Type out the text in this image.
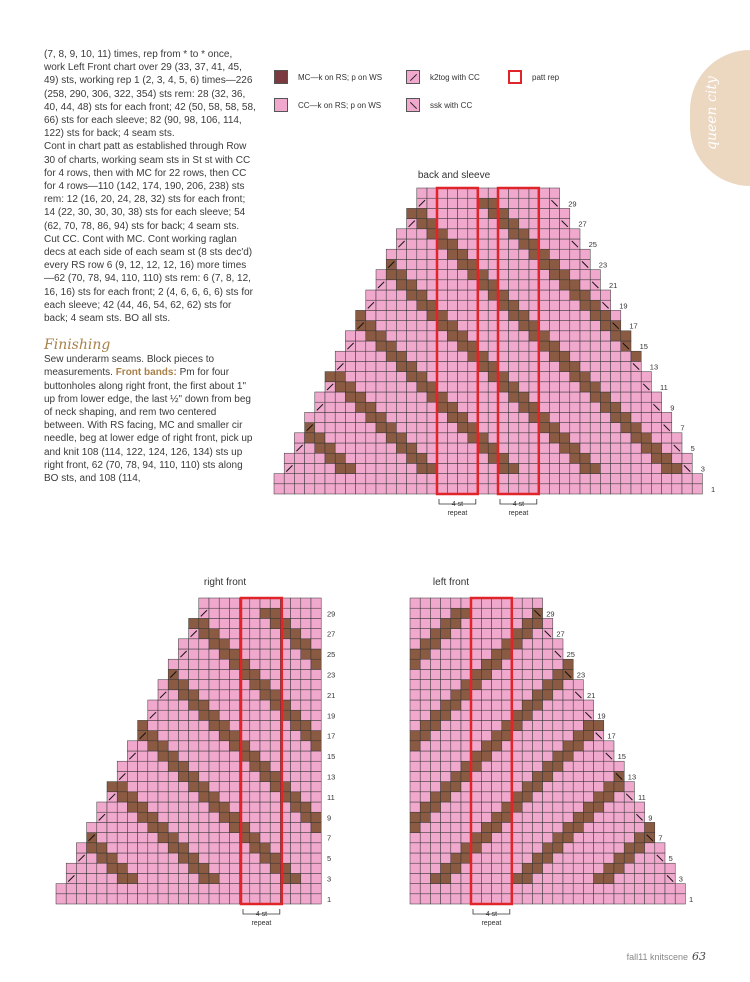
(7, 8, 9, 10, 11) times, rep from * to * once, work Left Front chart over 29 (33, 37, 41, 45, 49) sts, working rep 1 (2, 3, 4, 5, 6) times—226 (258, 290, 306, 322, 354) sts rem: 28 (32, 36, 40, 44, 48) sts for each front; 42 (50, 58, 58, 58, 66) sts for each sleeve; 82 (90, 98, 106, 114, 122) sts for back; 4 seam sts.

Cont in chart patt as established through Row 30 of charts, working seam sts in St st with CC for 4 rows, then with MC for 22 rows, then CC for 4 rows—110 (142, 174, 190, 206, 238) sts rem: 12 (16, 20, 24, 28, 32) sts for each front; 14 (22, 30, 30, 30, 38) sts for each sleeve; 54 (62, 70, 78, 86, 94) sts for back; 4 seam sts. Cut CC. Cont with MC. Cont working raglan decs at each side of each seam st (8 sts dec'd) every RS row 6 (9, 12, 12, 12, 16) more times—62 (70, 78, 94, 110, 110) sts rem: 6 (7, 8, 12, 16, 16) sts for each front; 2 (4, 6, 6, 6, 6) sts for each sleeve; 42 (44, 46, 54, 62, 62) sts for back; 4 seam sts. BO all sts.

Finishing

Sew underarm seams. Block pieces to measurements. Front bands: Pm for four buttonholes along right front, the first about 1" up from lower edge, the last ½" down from beg of neck shaping, and rem two centered between. With RS facing, MC and smaller cir needle, beg at lower edge of right front, pick up and knit 108 (114, 122, 124, 126, 134) sts up right front, 62 (70, 78, 94, 110, 110) sts along BO sts, and 108 (114,

MC—k on RS; p on WS
CC—k on RS; p on WS
k2tog with CC
ssk with CC
patt rep	queen city
back and sleeve
right front	left front
4 st
repeat
4 st
repeat
29
27
25
23
21
19
17
15
13
11
9
7
5
3
1
4 st
repeat
29
27
25
23
21
19
17
15
13
11
9
7
5
3
1
4 st
repeat
29
27
25
23
21
19
17
15
13
11
9
7
5
3
1
fall11 knitscene 63
